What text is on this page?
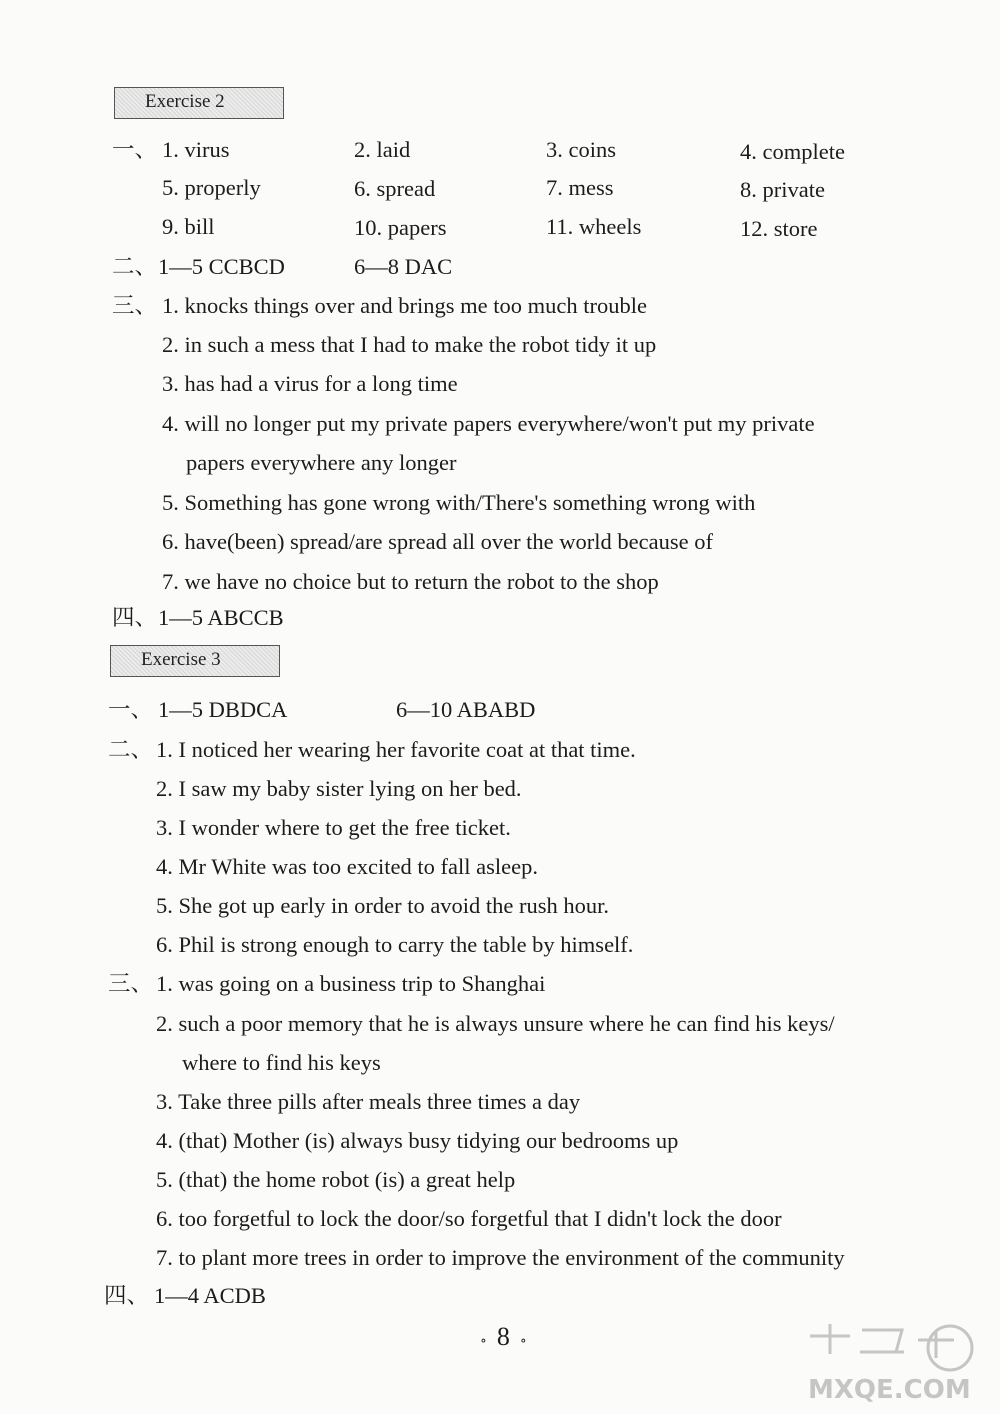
Exercise 2
一、 1. virus	2. laid	3. coins	4. complete
5. properly	6. spread	7. mess	8. private
9. bill	10. papers	11. wheels	12. store
二、 1—5 CCBCD	6—8 DAC
三、 1. knocks things over and brings me too much trouble
2. in such a mess that I had to make the robot tidy it up
3. has had a virus for a long time
4. will no longer put my private papers everywhere/won't put my private
papers everywhere any longer
5. Something has gone wrong with/There's something wrong with
6. have(been) spread/are spread all over the world because of
7. we have no choice but to return the robot to the shop
四、 1—5 ABCCB
Exercise 3
一、 1—5 DBDCA	6—10 ABABD
二、 1. I noticed her wearing her favorite coat at that time.
2. I saw my baby sister lying on her bed.
3. I wonder where to get the free ticket.
4. Mr White was too excited to fall asleep.
5. She got up early in order to avoid the rush hour.
6. Phil is strong enough to carry the table by himself.
三、 1. was going on a business trip to Shanghai
2. such a poor memory that he is always unsure where he can find his keys/
where to find his keys
3. Take three pills after meals three times a day
4. (that) Mother (is) always busy tidying our bedrooms up
5. (that) the home robot (is) a great help
6. too forgetful to lock the door/so forgetful that I didn't lock the door
7. to plant more trees in order to improve the environment of the community
四、 1—4 ACDB
∘8∘
MXQE.COM
